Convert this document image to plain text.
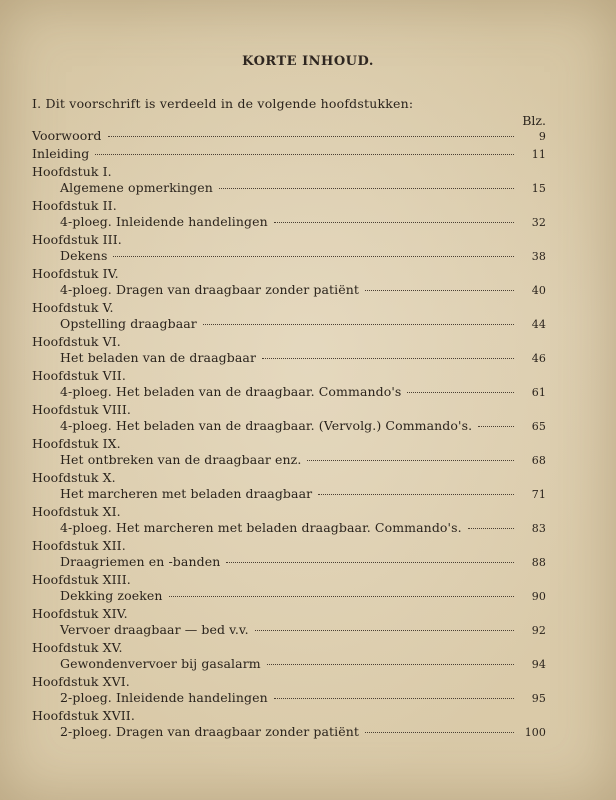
KORTE INHOUD.
I. Dit voorschrift is verdeeld in de volgende hoofdstukken:
Blz.
Voorwoord	9
Inleiding	11
Hoofdstuk I.
Algemene opmerkingen	15
Hoofdstuk II.
4-ploeg. Inleidende handelingen	32
Hoofdstuk III.
Dekens	38
Hoofdstuk IV.
4-ploeg. Dragen van draagbaar zonder patiënt	40
Hoofdstuk V.
Opstelling draagbaar	44
Hoofdstuk VI.
Het beladen van de draagbaar	46
Hoofdstuk VII.
4-ploeg. Het beladen van de draagbaar. Commando's	61
Hoofdstuk VIII.
4-ploeg. Het beladen van de draagbaar. (Vervolg.) Commando's.	65
Hoofdstuk IX.
Het ontbreken van de draagbaar enz.	68
Hoofdstuk X.
Het marcheren met beladen draagbaar	71
Hoofdstuk XI.
4-ploeg. Het marcheren met beladen draagbaar. Commando's.	83
Hoofdstuk XII.
Draagriemen en -banden	88
Hoofdstuk XIII.
Dekking zoeken	90
Hoofdstuk XIV.
Vervoer draagbaar — bed v.v.	92
Hoofdstuk XV.
Gewondenvervoer bij gasalarm	94
Hoofdstuk XVI.
2-ploeg. Inleidende handelingen	95
Hoofdstuk XVII.
2-ploeg. Dragen van draagbaar zonder patiënt	100
